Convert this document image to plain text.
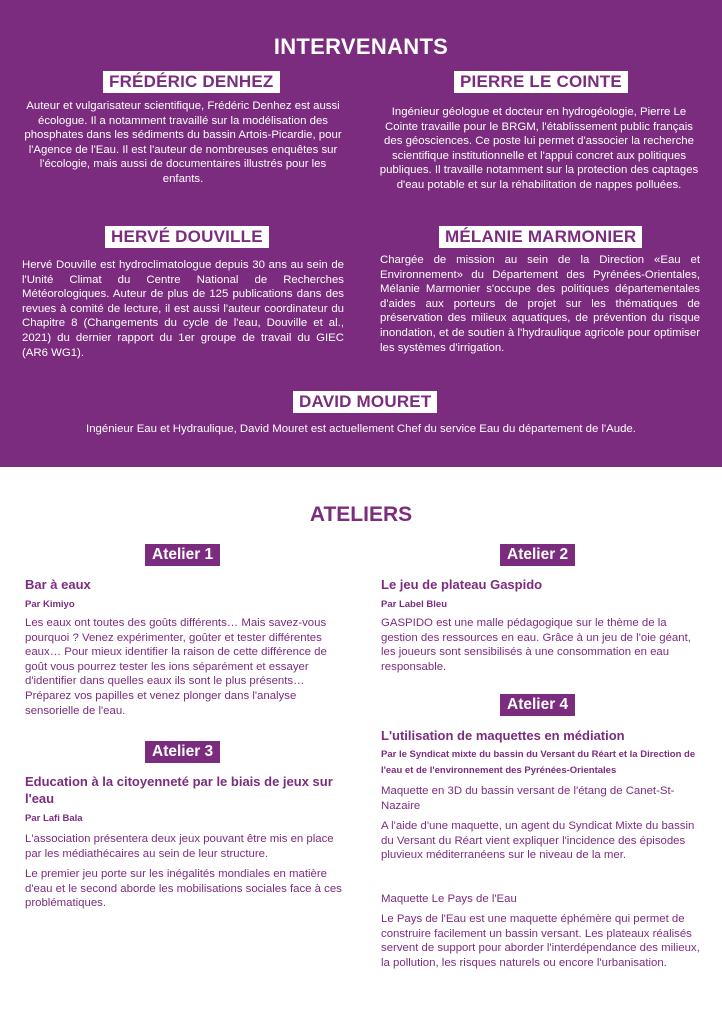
INTERVENANTS
FRÉDÉRIC DENHEZ

Auteur et vulgarisateur scientifique, Frédéric Denhez est aussi écologue. Il a notamment travaillé sur la modélisation des phosphates dans les sédiments du bassin Artois-Picardie, pour l'Agence de l'Eau. Il est l'auteur de nombreuses enquêtes sur l'écologie, mais aussi de documentaires illustrés pour les enfants.

PIERRE LE COINTE

Ingénieur géologue et docteur en hydrogéologie, Pierre Le Cointe travaille pour le BRGM, l'établissement public français des géosciences. Ce poste lui permet d'associer la recherche scientifique institutionnelle et l'appui concret aux politiques publiques. Il travaille notamment sur la protection des captages d'eau potable et sur la réhabilitation de nappes polluées.

HERVÉ DOUVILLE

Hervé Douville est hydroclimatologue depuis 30 ans au sein de l'Unité Climat du Centre National de Recherches Météorologiques. Auteur de plus de 125 publications dans des revues à comité de lecture, il est aussi l'auteur coordinateur du Chapitre 8 (Changements du cycle de l'eau, Douville et al., 2021) du dernier rapport du 1er groupe de travail du GIEC (AR6 WG1).

MÉLANIE MARMONIER

Chargée de mission au sein de la Direction «Eau et Environnement» du Département des Pyrénées-Orientales, Mélanie Marmonier s'occupe des politiques départementales d'aides aux porteurs de projet sur les thématiques de préservation des milieux aquatiques, de prévention du risque inondation, et de soutien à l'hydraulique agricole pour optimiser les systèmes d'irrigation.

DAVID MOURET

Ingénieur Eau et Hydraulique, David Mouret est actuellement Chef du service Eau du département de l'Aude.

ATELIERS
Atelier 1
Bar à eaux
Par Kimiyo

Les eaux ont toutes des goûts différents… Mais savez-vous pourquoi ? Venez expérimenter, goûter et tester différentes eaux… Pour mieux identifier la raison de cette différence de goût vous pourrez tester les ions séparément et essayer d'identifier dans quelles eaux ils sont le plus présents… Préparez vos papilles et venez plonger dans l'analyse sensorielle de l'eau.

Atelier 3
Education à la citoyenneté par le biais de jeux sur l'eau
Par Lafi Bala

L'association présentera deux jeux pouvant être mis en place par les médiathécaires au sein de leur structure.

Le premier jeu porte sur les inégalités mondiales en matière d'eau et le second aborde les mobilisations sociales face à ces problématiques.

Atelier 2
Le jeu de plateau Gaspido
Par Label Bleu

GASPIDO est une malle pédagogique sur le thème de la gestion des ressources en eau. Grâce à un jeu de l'oie géant, les joueurs sont sensibilisés à une consommation en eau responsable.

Atelier 4
L'utilisation de maquettes en médiation
Par le Syndicat mixte du bassin du Versant du Réart et la Direction de l'eau et de l'environnement des Pyrénées-Orientales

Maquette en 3D du bassin versant de l'étang de Canet-St-Nazaire

A l'aide d'une maquette, un agent du Syndicat Mixte du bassin du Versant du Réart vient expliquer l'incidence des épisodes pluvieux méditerranéens sur le niveau de la mer.

Maquette Le Pays de l'Eau

Le Pays de l'Eau est une maquette éphémère qui permet de construire facilement un bassin versant. Les plateaux réalisés servent de support pour aborder l'interdépendance des milieux, la pollution, les risques naturels ou encore l'urbanisation.
